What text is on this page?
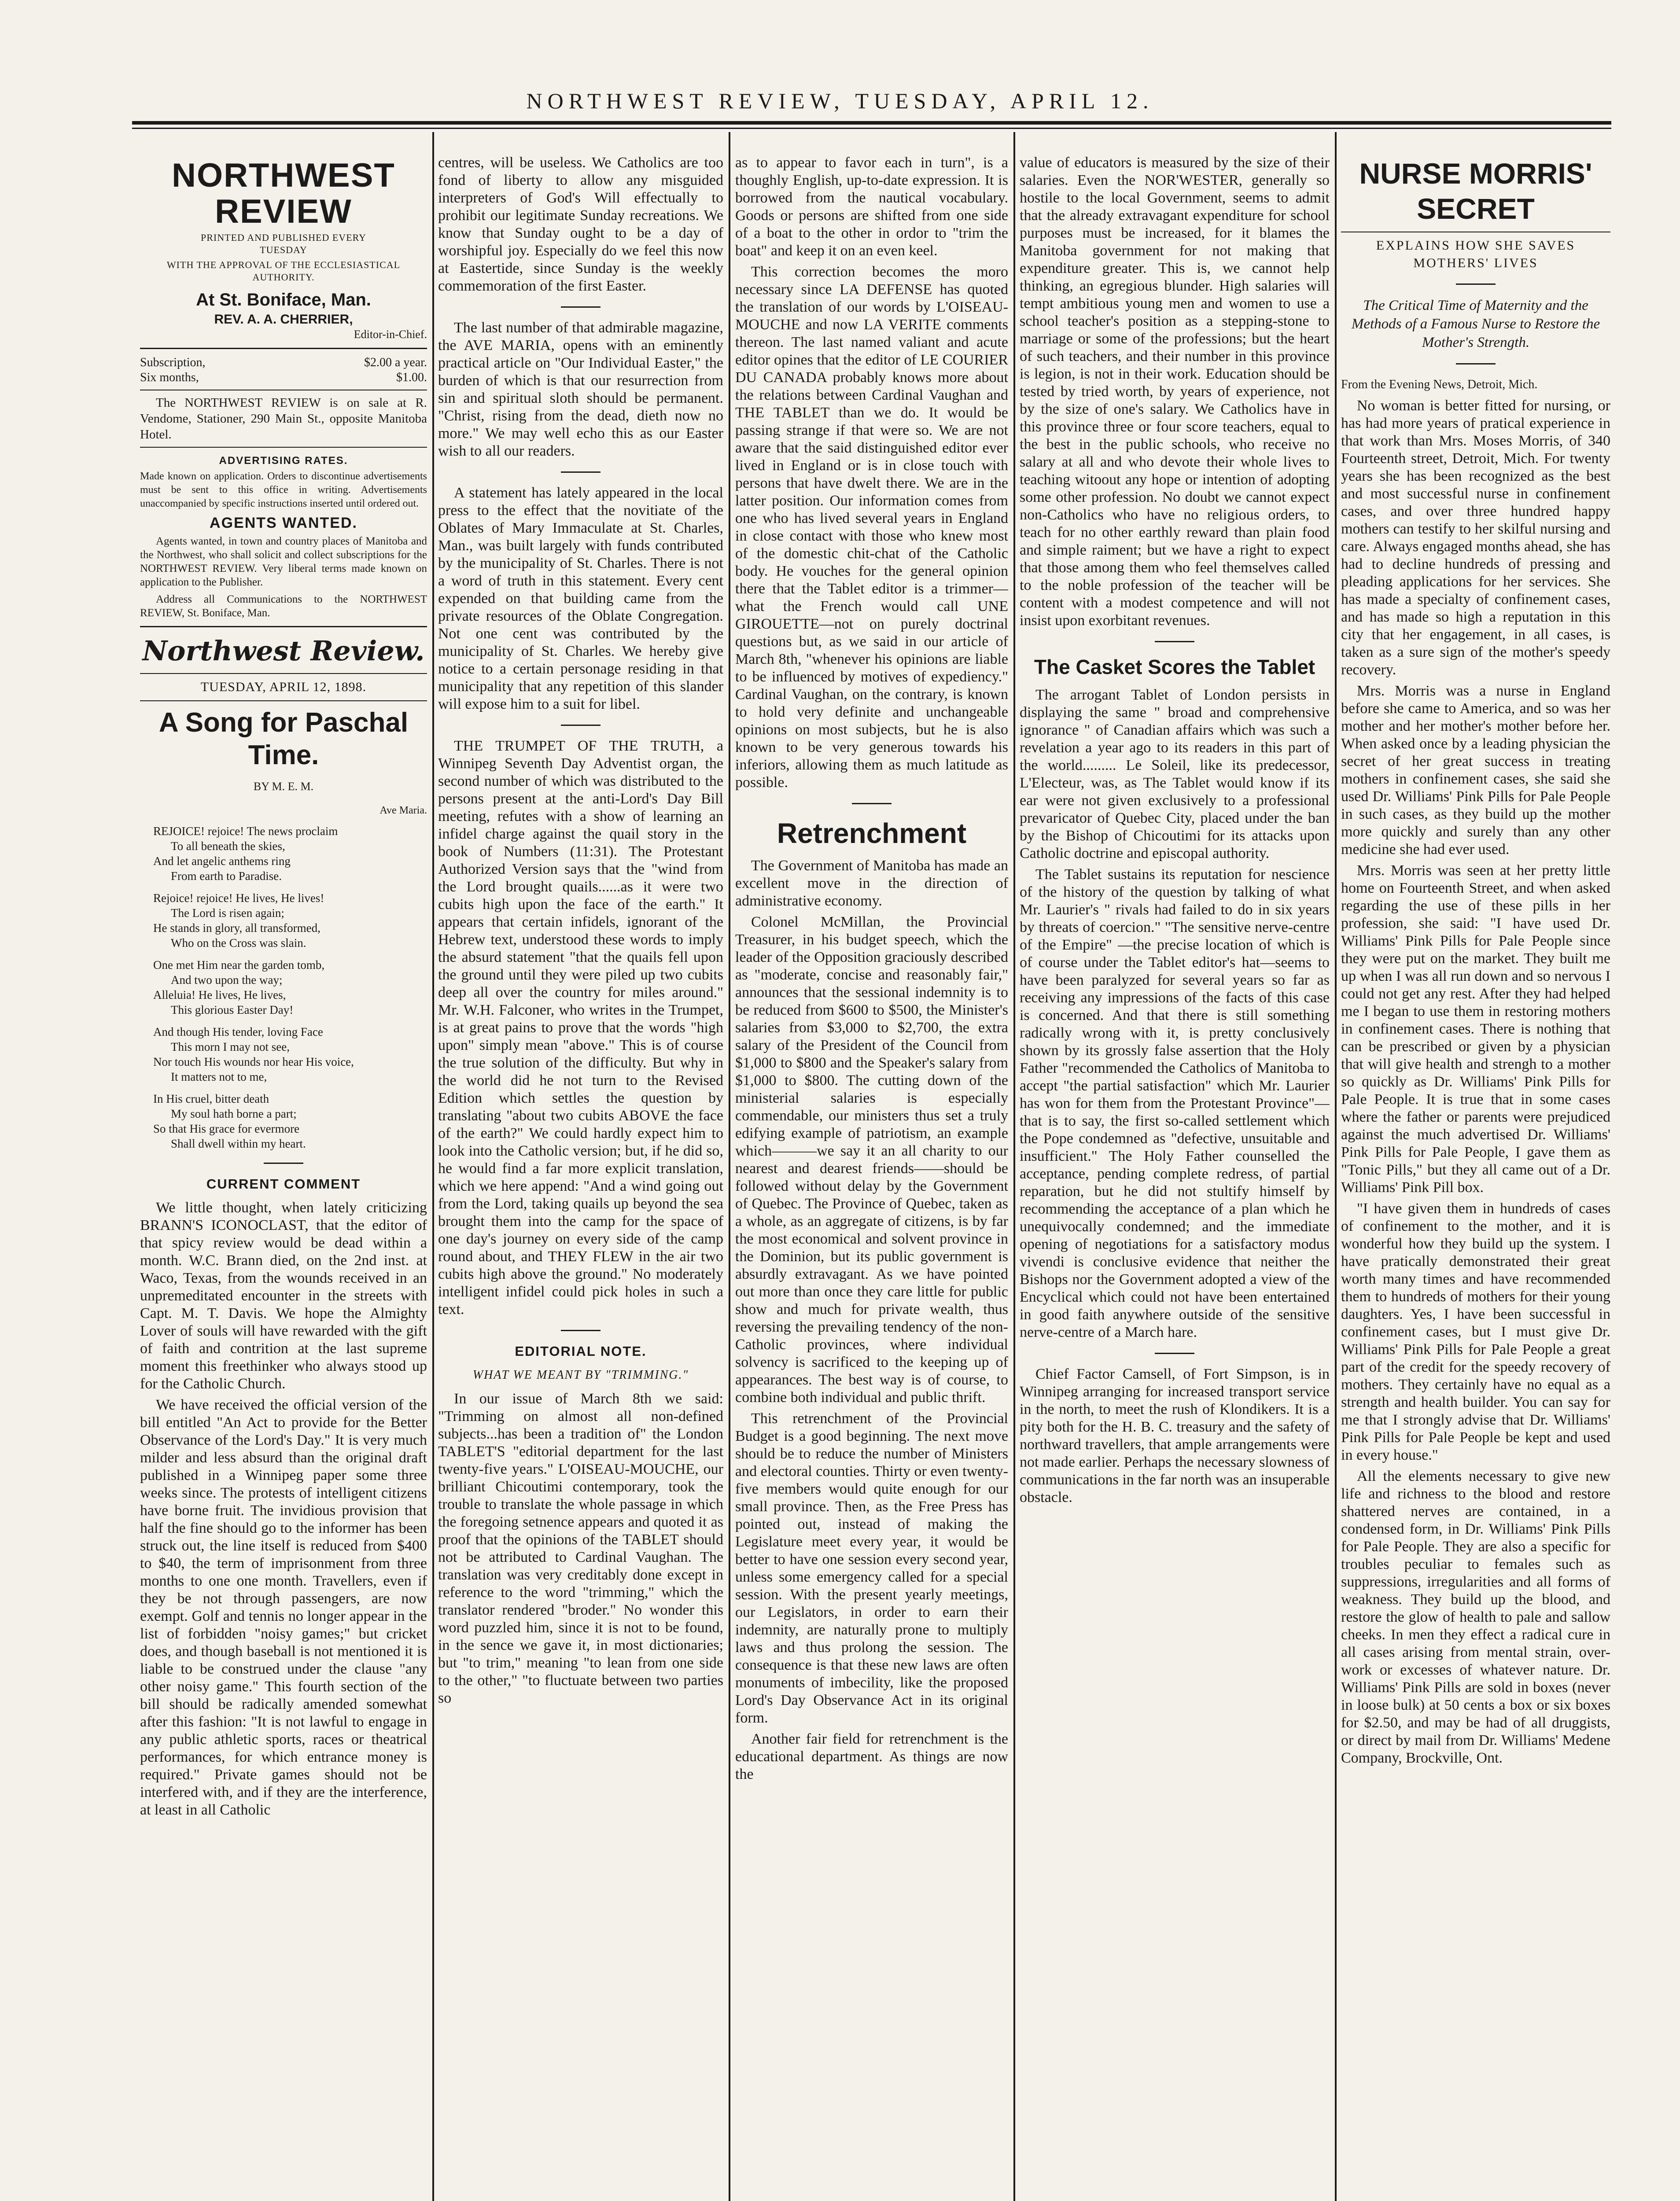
NORTHWEST REVIEW, TUESDAY, APRIL 12.
NORTHWEST REVIEW
PRINTED AND PUBLISHED EVERY
TUESDAY
WITH THE APPROVAL OF THE ECCLESIASTICAL AUTHORITY.
At St. Boniface, Man.
REV. A. A. CHERRIER,
Editor-in-Chief.
Subscription,	$2.00 a year.
Six months,	$1.00.

The NORTHWEST REVIEW is on sale at R. Vendome, Stationer, 290 Main St., opposite Manitoba Hotel.

ADVERTISING RATES.

Made known on application. Orders to discontinue advertisements must be sent to this office in writing. Advertisements unaccompanied by specific instructions inserted until ordered out.

AGENTS WANTED.

Agents wanted, in town and country places of Manitoba and the Northwest, who shall solicit and collect subscriptions for the NORTHWEST REVIEW. Very liberal terms made known on application to the Publisher.

Address all Communications to the NORTHWEST REVIEW, St. Boniface, Man.

Northwest Review.
TUESDAY, APRIL 12, 1898.
A Song for Paschal Time.
BY M. E. M.
Ave Maria.
REJOICE! rejoice! The news proclaim
To all beneath the skies,
And let angelic anthems ring
From earth to Paradise.
Rejoice! rejoice! He lives, He lives!
The Lord is risen again;
He stands in glory, all transformed,
Who on the Cross was slain.
One met Him near the garden tomb,
And two upon the way;
Alleluia! He lives, He lives,
This glorious Easter Day!
And though His tender, loving Face
This morn I may not see,
Nor touch His wounds nor hear His voice,
It matters not to me,
In His cruel, bitter death
My soul hath borne a part;
So that His grace for evermore
Shall dwell within my heart.
CURRENT COMMENT

We little thought, when lately criticizing BRANN'S ICONOCLAST, that the editor of that spicy review would be dead within a month. W.C. Brann died, on the 2nd inst. at Waco, Texas, from the wounds received in an unpremeditated encounter in the streets with Capt. M. T. Davis. We hope the Almighty Lover of souls will have rewarded with the gift of faith and contrition at the last supreme moment this freethinker who always stood up for the Catholic Church.

We have received the official version of the bill entitled "An Act to provide for the Better Observance of the Lord's Day." It is very much milder and less absurd than the original draft published in a Winnipeg paper some three weeks since. The protests of intelligent citizens have borne fruit. The invidious provision that half the fine should go to the informer has been struck out, the line itself is reduced from $400 to $40, the term of imprisonment from three months to one one month. Travellers, even if they be not through passengers, are now exempt. Golf and tennis no longer appear in the list of forbidden "noisy games;" but cricket does, and though baseball is not mentioned it is liable to be construed under the clause "any other noisy game." This fourth section of the bill should be radically amended somewhat after this fashion: "It is not lawful to engage in any public athletic sports, races or theatrical performances, for which entrance money is required." Private games should not be interfered with, and if they are the interference, at least in all Catholic

centres, will be useless. We Catholics are too fond of liberty to allow any misguided interpreters of God's Will effectually to prohibit our legitimate Sunday recreations. We know that Sunday ought to be a day of worshipful joy. Especially do we feel this now at Eastertide, since Sunday is the weekly commemoration of the first Easter.

The last number of that admirable magazine, the AVE MARIA, opens with an eminently practical article on "Our Individual Easter," the burden of which is that our resurrection from sin and spiritual sloth should be permanent. "Christ, rising from the dead, dieth now no more." We may well echo this as our Easter wish to all our readers.

A statement has lately appeared in the local press to the effect that the novitiate of the Oblates of Mary Immaculate at St. Charles, Man., was built largely with funds contributed by the municipality of St. Charles. There is not a word of truth in this statement. Every cent expended on that building came from the private resources of the Oblate Congregation. Not one cent was contributed by the municipality of St. Charles. We hereby give notice to a certain personage residing in that municipality that any repetition of this slander will expose him to a suit for libel.

THE TRUMPET OF THE TRUTH, a Winnipeg Seventh Day Adventist organ, the second number of which was distributed to the persons present at the anti-Lord's Day Bill meeting, refutes with a show of learning an infidel charge against the quail story in the book of Numbers (11:31). The Protestant Authorized Version says that the "wind from the Lord brought quails......as it were two cubits high upon the face of the earth." It appears that certain infidels, ignorant of the Hebrew text, understood these words to imply the absurd statement "that the quails fell upon the ground until they were piled up two cubits deep all over the country for miles around." Mr. W.H. Falconer, who writes in the Trumpet, is at great pains to prove that the words "high upon" simply mean "above." This is of course the true solution of the difficulty. But why in the world did he not turn to the Revised Edition which settles the question by translating "about two cubits ABOVE the face of the earth?" We could hardly expect him to look into the Catholic version; but, if he did so, he would find a far more explicit translation, which we here append: "And a wind going out from the Lord, taking quails up beyond the sea brought them into the camp for the space of one day's journey on every side of the camp round about, and THEY FLEW in the air two cubits high above the ground." No moderately intelligent infidel could pick holes in such a text.

EDITORIAL NOTE.
WHAT WE MEANT BY "TRIMMING."

In our issue of March 8th we said: "Trimming on almost all non-defined subjects...has been a tradition of" the London TABLET'S "editorial department for the last twenty-five years." L'OISEAU-MOUCHE, our brilliant Chicoutimi contemporary, took the trouble to translate the whole passage in which the foregoing setnence appears and quoted it as proof that the opinions of the TABLET should not be attributed to Cardinal Vaughan. The translation was very creditably done except in reference to the word "trimming," which the translator rendered "broder." No wonder this word puzzled him, since it is not to be found, in the sence we gave it, in most dictionaries; but "to trim," meaning "to lean from one side to the other," "to fluctuate between two parties so

as to appear to favor each in turn", is a thoughly English, up-to-date expression. It is borrowed from the nautical vocabulary. Goods or persons are shifted from one side of a boat to the other in ordor to "trim the boat" and keep it on an even keel.

This correction becomes the moro necessary since LA DEFENSE has quoted the translation of our words by L'OISEAU-MOUCHE and now LA VERITE comments thereon. The last named valiant and acute editor opines that the editor of LE COURIER DU CANADA probably knows more about the relations between Cardinal Vaughan and THE TABLET than we do. It would be passing strange if that were so. We are not aware that the said distinguished editor ever lived in England or is in close touch with persons that have dwelt there. We are in the latter position. Our information comes from one who has lived several years in England in close contact with those who knew most of the domestic chit-chat of the Catholic body. He vouches for the general opinion there that the Tablet editor is a trimmer—what the French would call UNE GIROUETTE—not on purely doctrinal questions but, as we said in our article of March 8th, "whenever his opinions are liable to be influenced by motives of expediency." Cardinal Vaughan, on the contrary, is known to hold very definite and unchangeable opinions on most subjects, but he is also known to be very generous towards his inferiors, allowing them as much latitude as possible.

Retrenchment

The Government of Manitoba has made an excellent move in the direction of administrative economy.

Colonel McMillan, the Provincial Treasurer, in his budget speech, which the leader of the Opposition graciously described as "moderate, concise and reasonably fair," announces that the sessional indemnity is to be reduced from $600 to $500, the Minister's salaries from $3,000 to $2,700, the extra salary of the President of the Council from $1,000 to $800 and the Speaker's salary from $1,000 to $800. The cutting down of the ministerial salaries is especially commendable, our ministers thus set a truly edifying example of patriotism, an example which———we say it an all charity to our nearest and dearest friends——should be followed without delay by the Government of Quebec. The Province of Quebec, taken as a whole, as an aggregate of citizens, is by far the most economical and solvent province in the Dominion, but its public government is absurdly extravagant. As we have pointed out more than once they care little for public show and much for private wealth, thus reversing the prevailing tendency of the non-Catholic provinces, where individual solvency is sacrificed to the keeping up of appearances. The best way is of course, to combine both individual and public thrift.

This retrenchment of the Provincial Budget is a good beginning. The next move should be to reduce the number of Ministers and electoral counties. Thirty or even twenty-five members would quite enough for our small province. Then, as the Free Press has pointed out, instead of making the Legislature meet every year, it would be better to have one session every second year, unless some emergency called for a special session. With the present yearly meetings, our Legislators, in order to earn their indemnity, are naturally prone to multiply laws and thus prolong the session. The consequence is that these new laws are often monuments of imbecility, like the proposed Lord's Day Observance Act in its original form.

Another fair field for retrenchment is the educational department. As things are now the

value of educators is measured by the size of their salaries. Even the NOR'WESTER, generally so hostile to the local Government, seems to admit that the already extravagant expenditure for school purposes must be increased, for it blames the Manitoba government for not making that expenditure greater. This is, we cannot help thinking, an egregious blunder. High salaries will tempt ambitious young men and women to use a school teacher's position as a stepping-stone to marriage or some of the professions; but the heart of such teachers, and their number in this province is legion, is not in their work. Education should be tested by tried worth, by years of experience, not by the size of one's salary. We Catholics have in this province three or four score teachers, equal to the best in the public schools, who receive no salary at all and who devote their whole lives to teaching witoout any hope or intention of adopting some other profession. No doubt we cannot expect non-Catholics who have no religious orders, to teach for no other earthly reward than plain food and simple raiment; but we have a right to expect that those among them who feel themselves called to the noble profession of the teacher will be content with a modest competence and will not insist upon exorbitant revenues.

The Casket Scores the Tablet

The arrogant Tablet of London persists in displaying the same " broad and comprehensive ignorance " of Canadian affairs which was such a revelation a year ago to its readers in this part of the world......... Le Soleil, like its predecessor, L'Electeur, was, as The Tablet would know if its ear were not given exclusively to a professional prevaricator of Quebec City, placed under the ban by the Bishop of Chicoutimi for its attacks upon Catholic doctrine and episcopal authority.

The Tablet sustains its reputation for nescience of the history of the question by talking of what Mr. Laurier's " rivals had failed to do in six years by threats of coercion." "The sensitive nerve-centre of the Empire" —the precise location of which is of course under the Tablet editor's hat—seems to have been paralyzed for several years so far as receiving any impressions of the facts of this case is concerned. And that there is still something radically wrong with it, is pretty conclusively shown by its grossly false assertion that the Holy Father "recommended the Catholics of Manitoba to accept "the partial satisfaction" which Mr. Laurier has won for them from the Protestant Province"—that is to say, the first so-called settlement which the Pope condemned as "defective, unsuitable and insufficient." The Holy Father counselled the acceptance, pending complete redress, of partial reparation, but he did not stultify himself by recommending the acceptance of a plan which he unequivocally condemned; and the immediate opening of negotiations for a satisfactory modus vivendi is conclusive evidence that neither the Bishops nor the Government adopted a view of the Encyclical which could not have been entertained in good faith anywhere outside of the sensitive nerve-centre of a March hare.

Chief Factor Camsell, of Fort Simpson, is in Winnipeg arranging for increased transport service in the north, to meet the rush of Klondikers. It is a pity both for the H. B. C. treasury and the safety of northward travellers, that ample arrangements were not made earlier. Perhaps the necessary slowness of communications in the far north was an insuperable obstacle.

NURSE MORRIS' SECRET
EXPLAINS HOW SHE SAVES MOTHERS' LIVES
The Critical Time of Maternity and the Methods of a Famous Nurse to Restore the Mother's Strength.

From the Evening News, Detroit, Mich.

No woman is better fitted for nursing, or has had more years of pratical experience in that work than Mrs. Moses Morris, of 340 Fourteenth street, Detroit, Mich. For twenty years she has been recognized as the best and most successful nurse in confinement cases, and over three hundred happy mothers can testify to her skilful nursing and care. Always engaged months ahead, she has had to decline hundreds of pressing and pleading applications for her services. She has made a specialty of confinement cases, and has made so high a reputation in this city that her engagement, in all cases, is taken as a sure sign of the mother's speedy recovery.

Mrs. Morris was a nurse in England before she came to America, and so was her mother and her mother's mother before her. When asked once by a leading physician the secret of her great success in treating mothers in confinement cases, she said she used Dr. Williams' Pink Pills for Pale People in such cases, as they build up the mother more quickly and surely than any other medicine she had ever used.

Mrs. Morris was seen at her pretty little home on Fourteenth Street, and when asked regarding the use of these pills in her profession, she said: "I have used Dr. Williams' Pink Pills for Pale People since they were put on the market. They built me up when I was all run down and so nervous I could not get any rest. After they had helped me I began to use them in restoring mothers in confinement cases. There is nothing that can be prescribed or given by a physician that will give health and strengh to a mother so quickly as Dr. Williams' Pink Pills for Pale People. It is true that in some cases where the father or parents were prejudiced against the much advertised Dr. Williams' Pink Pills for Pale People, I gave them as "Tonic Pills," but they all came out of a Dr. Williams' Pink Pill box.

"I have given them in hundreds of cases of confinement to the mother, and it is wonderful how they build up the system. I have pratically demonstrated their great worth many times and have recommended them to hundreds of mothers for their young daughters. Yes, I have been successful in confinement cases, but I must give Dr. Williams' Pink Pills for Pale People a great part of the credit for the speedy recovery of mothers. They certainly have no equal as a strength and health builder. You can say for me that I strongly advise that Dr. Williams' Pink Pills for Pale People be kept and used in every house."

All the elements necessary to give new life and richness to the blood and restore shattered nerves are contained, in a condensed form, in Dr. Williams' Pink Pills for Pale People. They are also a specific for troubles peculiar to females such as suppressions, irregularities and all forms of weakness. They build up the blood, and restore the glow of health to pale and sallow cheeks. In men they effect a radical cure in all cases arising from mental strain, over-work or excesses of whatever nature. Dr. Williams' Pink Pills are sold in boxes (never in loose bulk) at 50 cents a box or six boxes for $2.50, and may be had of all druggists, or direct by mail from Dr. Williams' Medene Company, Brockville, Ont.
